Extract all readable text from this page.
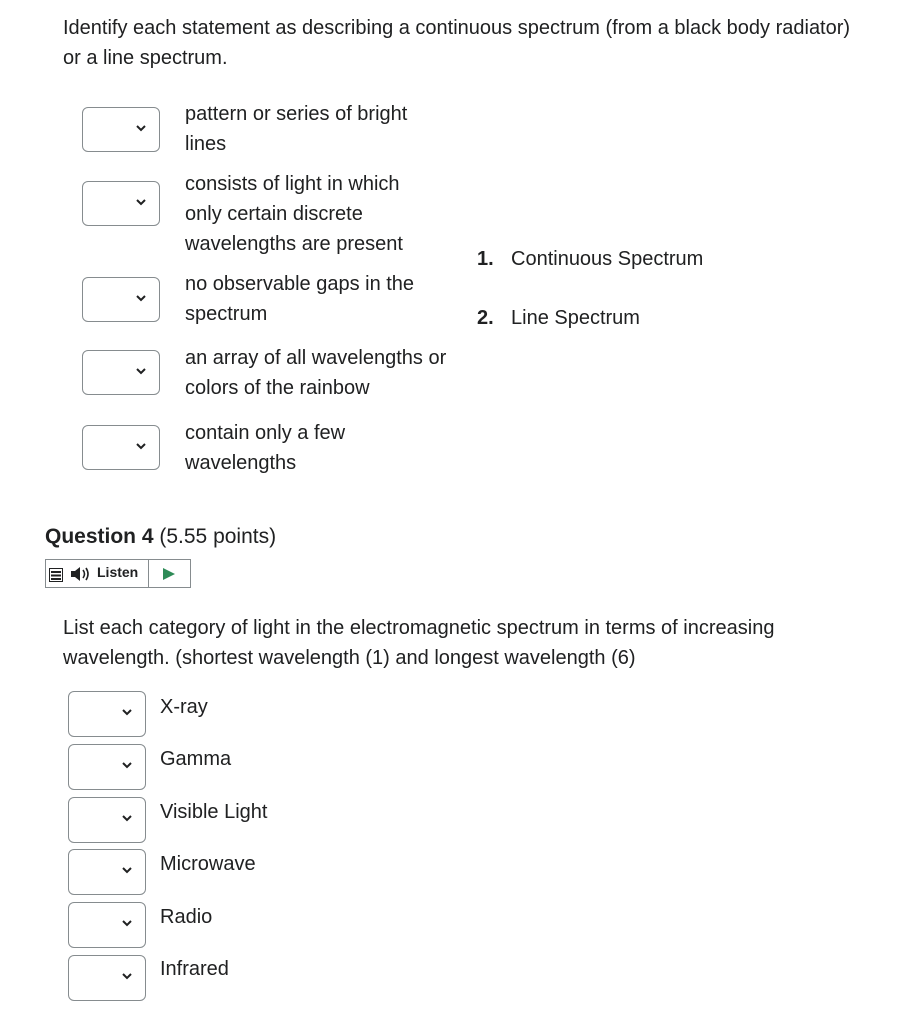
Identify each statement as describing a continuous spectrum (from a black body radiator) or a line spectrum.
pattern or series of bright lines
consists of light in which only certain discrete wavelengths are present
no observable gaps in the spectrum
an array of all wavelengths or colors of the rainbow
contain only a few wavelengths
1. Continuous Spectrum
2. Line Spectrum
Question 4 (5.55 points)
Listen
List each category of light in the electromagnetic spectrum in terms of increasing wavelength. (shortest wavelength (1) and longest wavelength (6)
X-ray
Gamma
Visible Light
Microwave
Radio
Infrared
